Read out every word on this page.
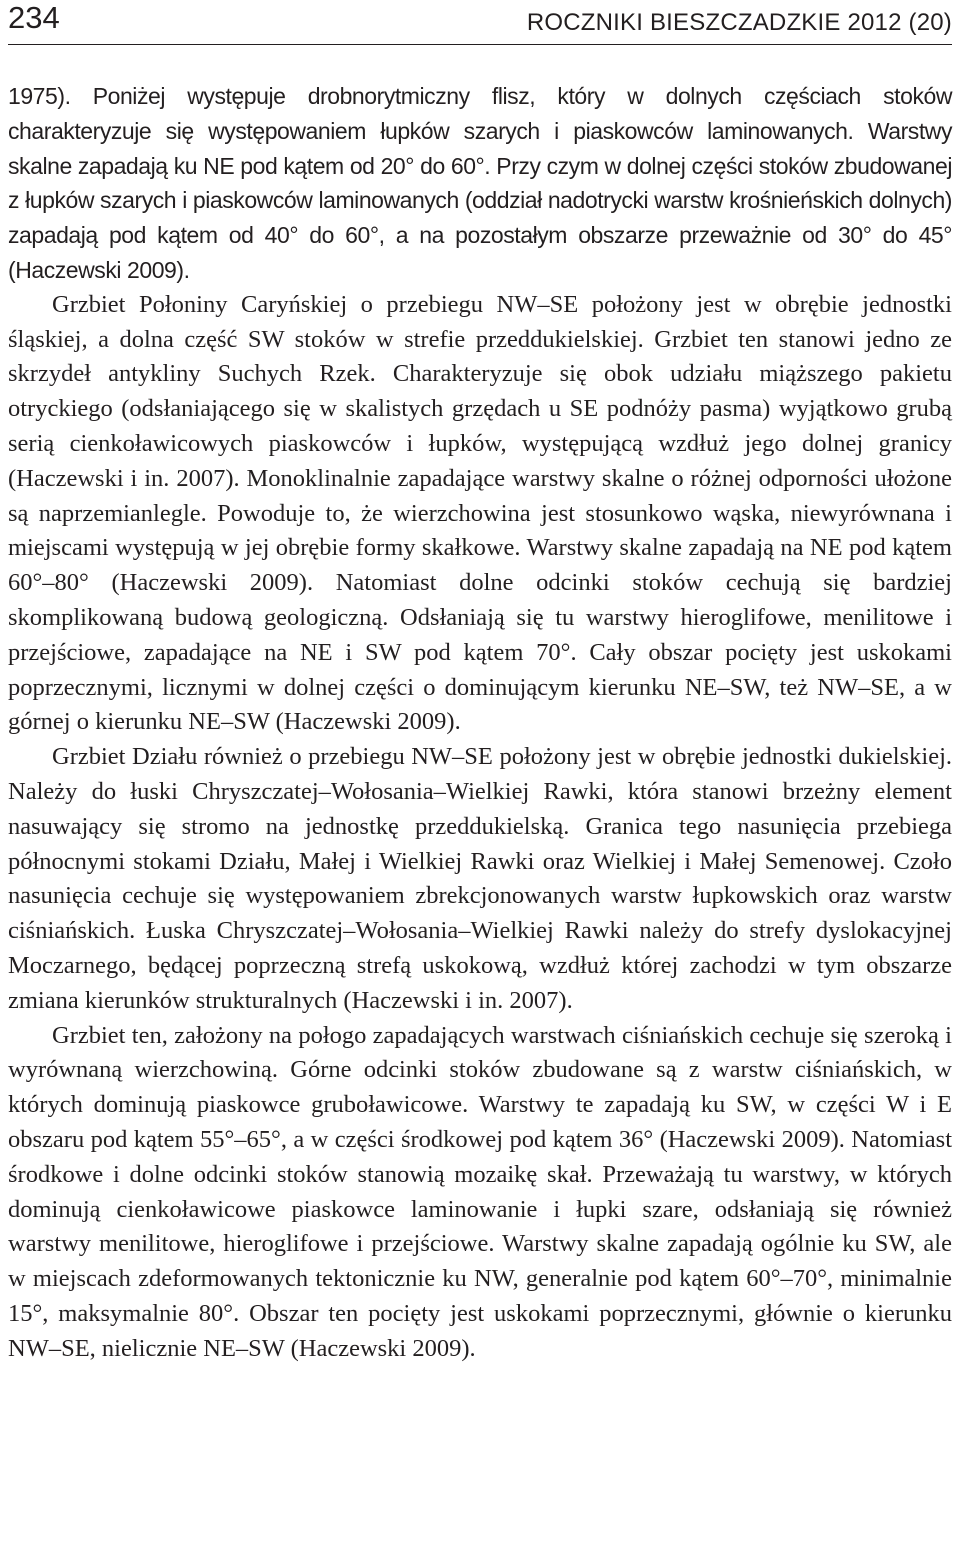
234	ROCZNIKI BIESZCZADZKIE 2012 (20)

1975). Poniżej występuje drobnorytmiczny flisz, który w dolnych częściach stoków charakteryzuje się występowaniem łupków szarych i piaskowców laminowanych. Warstwy skalne zapadają ku NE pod kątem od 20° do 60°. Przy czym w dolnej części stoków zbudowanej z łupków szarych i piaskowców laminowanych (oddział nadotrycki warstw krośnieńskich dolnych) zapadają pod kątem od 40° do 60°, a na pozostałym obszarze przeważnie od 30° do 45° (Haczewski 2009).

Grzbiet Połoniny Caryńskiej o przebiegu NW–SE położony jest w obrębie jednostki śląskiej, a dolna część SW stoków w strefie przeddukielskiej. Grzbiet ten stanowi jedno ze skrzydeł antykliny Suchych Rzek. Charakteryzuje się obok udziału miąższego pakietu otryckiego (odsłaniającego się w skalistych grzędach u SE podnóży pasma) wyjątkowo grubą serią cienkoławicowych piaskowców i łupków, występującą wzdłuż jego dolnej granicy (Haczewski i in. 2007). Monoklinalnie zapadające warstwy skalne o różnej odporności ułożone są naprzemianlegle. Powoduje to, że wierzchowina jest stosunkowo wąska, niewyrównana i miejscami występują w jej obrębie formy skałkowe. Warstwy skalne zapadają na NE pod kątem 60°–80° (Haczewski 2009). Natomiast dolne odcinki stoków cechują się bardziej skomplikowaną budową geologiczną. Odsłaniają się tu warstwy hieroglifowe, menilitowe i przejściowe, zapadające na NE i SW pod kątem 70°. Cały obszar pocięty jest uskokami poprzecznymi, licznymi w dolnej części o dominującym kierunku NE–SW, też NW–SE, a w górnej o kierunku NE–SW (Haczewski 2009).

Grzbiet Działu również o przebiegu NW–SE położony jest w obrębie jednostki dukielskiej. Należy do łuski Chryszczatej–Wołosania–Wielkiej Rawki, która stanowi brzeżny element nasuwający się stromo na jednostkę przeddukielską. Granica tego nasunięcia przebiega północnymi stokami Działu, Małej i Wielkiej Rawki oraz Wielkiej i Małej Semenowej. Czoło nasunięcia cechuje się występowaniem zbrekcjonowanych warstw łupkowskich oraz warstw ciśniańskich. Łuska Chryszczatej–Wołosania–Wielkiej Rawki należy do strefy dyslokacyjnej Moczarnego, będącej poprzeczną strefą uskokową, wzdłuż której zachodzi w tym obszarze zmiana kierunków strukturalnych (Haczewski i in. 2007).

Grzbiet ten, założony na połogo zapadających warstwach ciśniańskich cechuje się szeroką i wyrównaną wierzchowiną. Górne odcinki stoków zbudowane są z warstw ciśniańskich, w których dominują piaskowce gruboławicowe. Warstwy te zapadają ku SW, w części W i E obszaru pod kątem 55°–65°, a w części środkowej pod kątem 36° (Haczewski 2009). Natomiast środkowe i dolne odcinki stoków stanowią mozaikę skał. Przeważają tu warstwy, w których dominują cienkoławicowe piaskowce laminowanie i łupki szare, odsłaniają się również warstwy menilitowe, hieroglifowe i przejściowe. Warstwy skalne zapadają ogólnie ku SW, ale w miejscach zdeformowanych tektonicznie ku NW, generalnie pod kątem 60°–70°, minimalnie 15°, maksymalnie 80°. Obszar ten pocięty jest uskokami poprzecznymi, głównie o kierunku NW–SE, nielicznie NE–SW (Haczewski 2009).
